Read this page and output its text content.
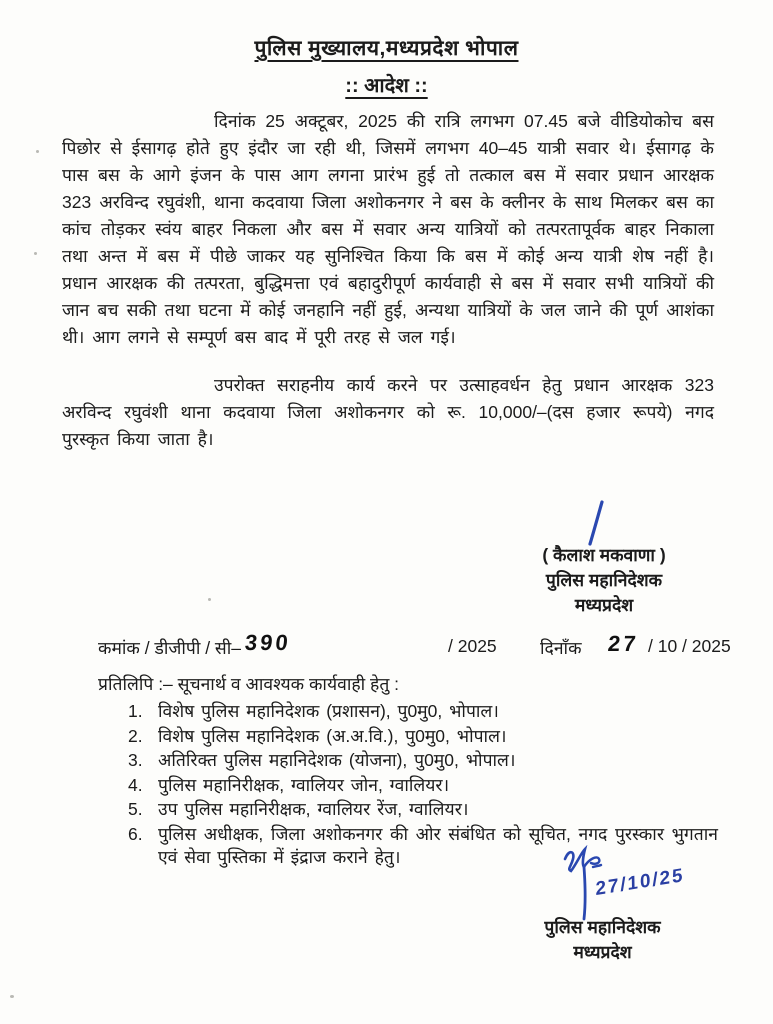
पुलिस मुख्यालय,मध्यप्रदेश भोपाल
:: आदेश ::
दिनांक 25 अक्टूबर, 2025 की रात्रि लगभग 07.45 बजे वीडियोकोच बस पिछोर से ईसागढ़ होते हुए इंदौर जा रही थी, जिसमें लगभग 40–45 यात्री सवार थे। ईसागढ़ के पास बस के आगे इंजन के पास आग लगना प्रारंभ हुई तो तत्काल बस में सवार प्रधान आरक्षक 323 अरविन्द रघुवंशी, थाना कदवाया जिला अशोकनगर ने बस के क्लीनर के साथ मिलकर बस का कांच तोड़कर स्वंय बाहर निकला और बस में सवार अन्य यात्रियों को तत्परतापूर्वक बाहर निकाला तथा अन्त में बस में पीछे जाकर यह सुनिश्चित किया कि बस में कोई अन्य यात्री शेष नहीं है। प्रधान आरक्षक की तत्परता, बुद्धिमत्ता एवं बहादुरीपूर्ण कार्यवाही से बस में सवार सभी यात्रियों की जान बच सकी तथा घटना में कोई जनहानि नहीं हुई, अन्यथा यात्रियों के जल जाने की पूर्ण आशंका थी। आग लगने से सम्पूर्ण बस बाद में पूरी तरह से जल गई।
उपरोक्त सराहनीय कार्य करने पर उत्साहवर्धन हेतु प्रधान आरक्षक 323 अरविन्द रघुवंशी थाना कदवाया जिला अशोकनगर को रू. 10,000/–(दस हजार रूपये) नगद पुरस्कृत किया जाता है।
( कैलाश मकवाणा )
पुलिस महानिदेशक
मध्यप्रदेश
कमांक / डीजीपी / सी– 390	/ 2025 दिनाँक 27 / 10 / 2025

प्रतिलिपि :– सूचनार्थ व आवश्यक कार्यवाही हेतु :

1. विशेष पुलिस महानिदेशक (प्रशासन), पु0मु0, भोपाल।
2. विशेष पुलिस महानिदेशक (अ.अ.वि.), पु0मु0, भोपाल।
3. अतिरिक्त पुलिस महानिदेशक (योजना), पु0मु0, भोपाल।
4. पुलिस महानिरीक्षक, ग्वालियर जोन, ग्वालियर।
5. उप पुलिस महानिरीक्षक, ग्वालियर रेंज, ग्वालियर।
6. पुलिस अधीक्षक, जिला अशोकनगर की ओर संबंधित को सूचित, नगद पुरस्कार भुगतान एवं सेवा पुस्तिका में इंद्राज कराने हेतु।
27/10/25
पुलिस महानिदेशक
मध्यप्रदेश
